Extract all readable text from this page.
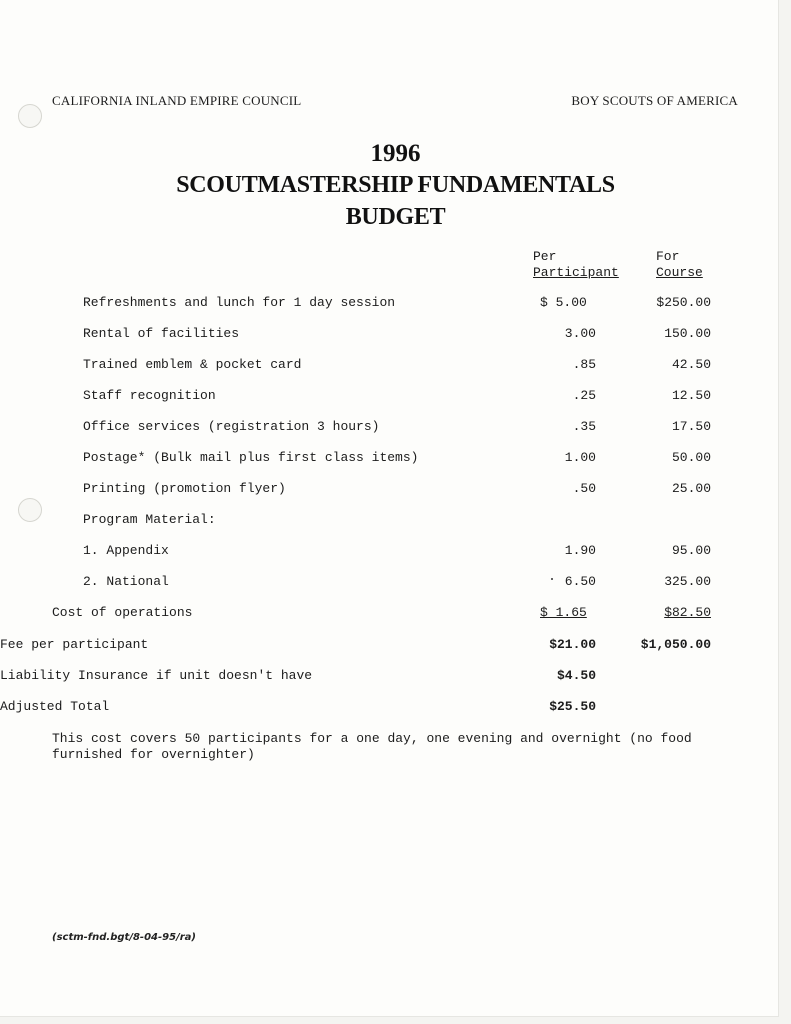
CALIFORNIA INLAND EMPIRE COUNCIL	BOY SCOUTS OF AMERICA
1996
SCOUTMASTERSHIP FUNDAMENTALS
BUDGET
Per
Participant
For
Course
Refreshments and lunch for 1 day session	$ 5.00	$250.00
Rental of facilities	3.00	150.00
Trained emblem & pocket card	.85	42.50
Staff recognition	.25	12.50
Office services (registration 3 hours)	.35	17.50
Postage* (Bulk mail plus first class items)	1.00	50.00
Printing (promotion flyer)	.50	25.00
Program Material:
1. Appendix	1.90	95.00
2. National	6.50	325.00
Cost of operations	$ 1.65	$82.50
Fee per participant	$21.00	$1,050.00
Liability Insurance if unit doesn't have	$4.50
Adjusted Total	$25.50
This cost covers 50 participants for a one day, one evening and overnight (no food furnished for overnighter)
(sctm-fnd.bgt/8-04-95/ra)
